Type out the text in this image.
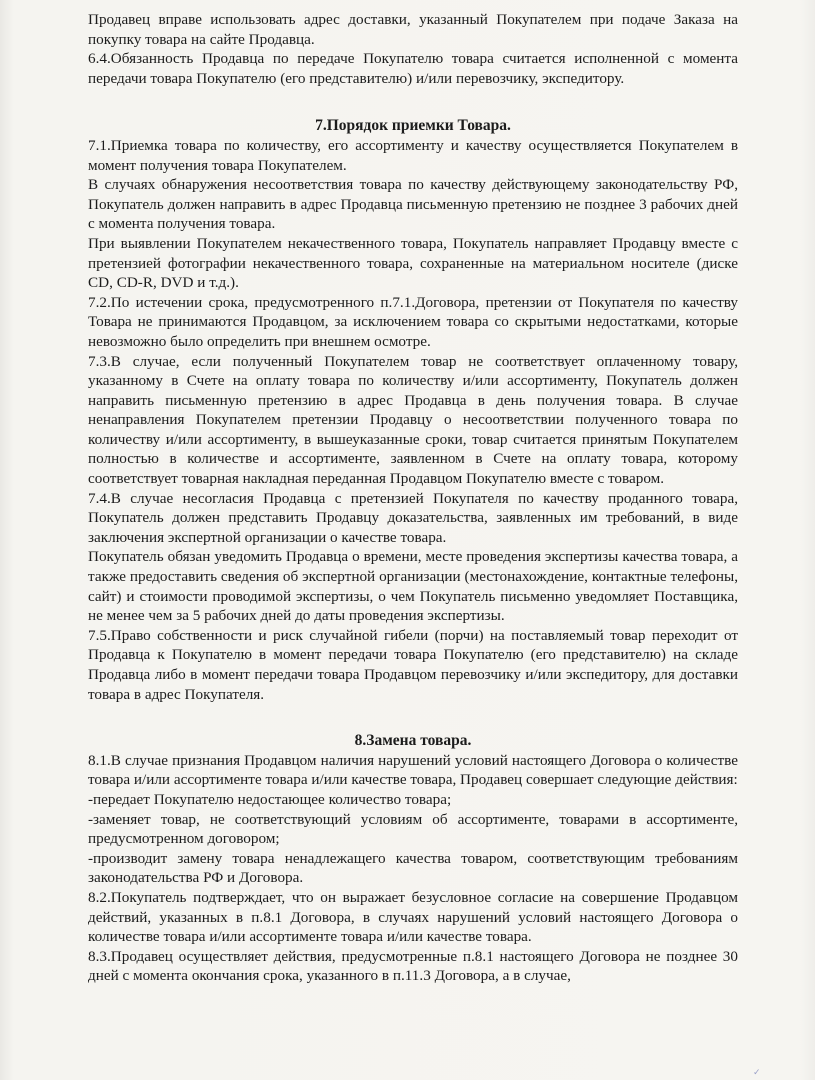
Продавец вправе использовать адрес доставки, указанный Покупателем при подаче Заказа на покупку товара на сайте Продавца.

6.4.Обязанность Продавца по передаче Покупателю товара считается исполненной с момента передачи товара Покупателю (его представителю) и/или перевозчику, экспедитору.

7.Порядок приемки Товара.

7.1.Приемка товара по количеству, его ассортименту и качеству осуществляется Покупателем в момент получения товара Покупателем.

В случаях обнаружения несоответствия товара по качеству действующему законодательству РФ, Покупатель должен направить в адрес Продавца письменную претензию не позднее 3 рабочих дней с момента получения товара.

При выявлении Покупателем некачественного товара, Покупатель направляет Продавцу вместе с претензией фотографии некачественного товара, сохраненные на материальном носителе (диске CD, CD-R, DVD и т.д.).

7.2.По истечении срока, предусмотренного п.7.1.Договора, претензии от Покупателя по качеству Товара не принимаются Продавцом, за исключением товара со скрытыми недостатками, которые невозможно было определить при внешнем осмотре.

7.3.В случае, если полученный Покупателем товар не соответствует оплаченному товару, указанному в Счете на оплату товара по количеству и/или ассортименту, Покупатель должен направить письменную претензию в адрес Продавца в день получения товара. В случае ненаправления Покупателем претензии Продавцу о несоответствии полученного товара по количеству и/или ассортименту, в вышеуказанные сроки, товар считается принятым Покупателем полностью в количестве и ассортименте, заявленном в Счете на оплату товара, которому соответствует товарная накладная переданная Продавцом Покупателю вместе с товаром.

7.4.В случае несогласия Продавца с претензией Покупателя по качеству проданного товара, Покупатель должен представить Продавцу доказательства, заявленных им требований, в виде заключения экспертной организации о качестве товара.

Покупатель обязан уведомить Продавца о времени, месте проведения экспертизы качества товара, а также предоставить сведения об экспертной организации (местонахождение, контактные телефоны, сайт) и стоимости проводимой экспертизы, о чем Покупатель письменно уведомляет Поставщика, не менее чем за 5 рабочих дней до даты проведения экспертизы.

7.5.Право собственности и риск случайной гибели (порчи) на поставляемый товар переходит от Продавца к Покупателю в момент передачи товара Покупателю (его представителю) на складе Продавца либо в момент передачи товара Продавцом перевозчику и/или экспедитору, для доставки товара в адрес Покупателя.

8.Замена товара.

8.1.В случае признания Продавцом наличия нарушений условий настоящего Договора о количестве товара и/или ассортименте товара и/или качестве товара, Продавец совершает следующие действия:

-передает Покупателю недостающее количество товара;

-заменяет товар, не соответствующий условиям об ассортименте, товарами в ассортименте, предусмотренном договором;

-производит замену товара ненадлежащего качества товаром, соответствующим требованиям законодательства РФ и Договора.

8.2.Покупатель подтверждает, что он выражает безусловное согласие на совершение Продавцом действий, указанных в п.8.1 Договора, в случаях нарушений условий настоящего Договора о количестве товара и/или ассортименте товара и/или качестве товара.

8.3.Продавец осуществляет действия, предусмотренные п.8.1 настоящего Договора не позднее 30 дней с момента окончания срока, указанного в п.11.3 Договора, а в случае,

✓
